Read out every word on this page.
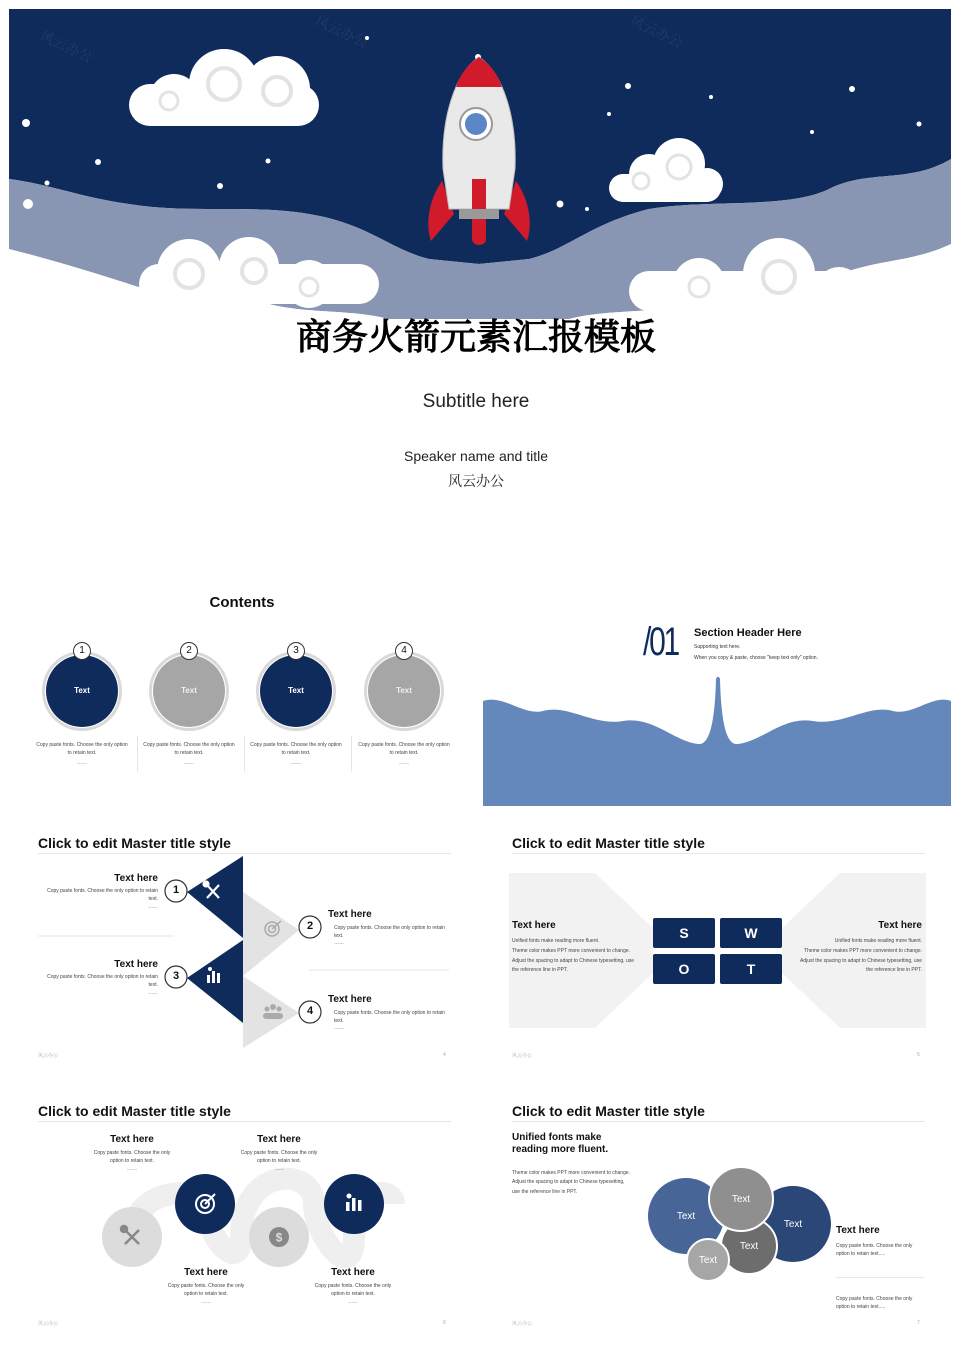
风云办公	风云办公	风云办公
商务火箭元素汇报模板
Subtitle here
Speaker name and title
风云办公
Contents
Text
1
Copy paste fonts. Choose the only option to retain text.
……
Text
2
Copy paste fonts. Choose the only option to retain text.
……
Text
3
Copy paste fonts. Choose the only option to retain text.
……
Text
4
Copy paste fonts. Choose the only option to retain text.
……
/01 Section Header Here
Supporting text here.
When you copy & paste, choose "keep text only" option.
Click to edit Master title style
1
2
3
4
Text here
Copy paste fonts. Choose the only option to retain text.
……
Text here
Copy paste fonts. Choose the only option to retain text.
……
Text here
Copy paste fonts. Choose the only option to retain text.
……
Text here
Copy paste fonts. Choose the only option to retain text.
……
风云办公	4
Click to edit Master title style
Text here
Unified fonts make reading more fluent.
Theme color makes PPT more convenient to change.
Adjust the spacing to adapt to Chinese typesetting, use
the reference line in PPT.
Text here
Unified fonts make reading more fluent.
Theme color makes PPT more convenient to change.
Adjust the spacing to adapt to Chinese typesetting, use
the reference line in PPT.
S	W
O	T
风云办公	5
Click to edit Master title style
$
Text here
Copy paste fonts. Choose the only option to retain text.
……
Text here
Copy paste fonts. Choose the only option to retain text.
……
Text here
Copy paste fonts. Choose the only option to retain text.
……
Text here
Copy paste fonts. Choose the only option to retain text.
……
风云办公	6
Click to edit Master title style
Unified fonts make
reading more fluent.
Theme color makes PPT more convenient to change.
Adjust the spacing to adapt to Chinese typesetting,
use the reference line in PPT.
Text
Text
Text
Text
Text
Text here
Copy paste fonts. Choose the only option to retain text.....
Copy paste fonts. Choose the only option to retain text.....
风云办公	7
